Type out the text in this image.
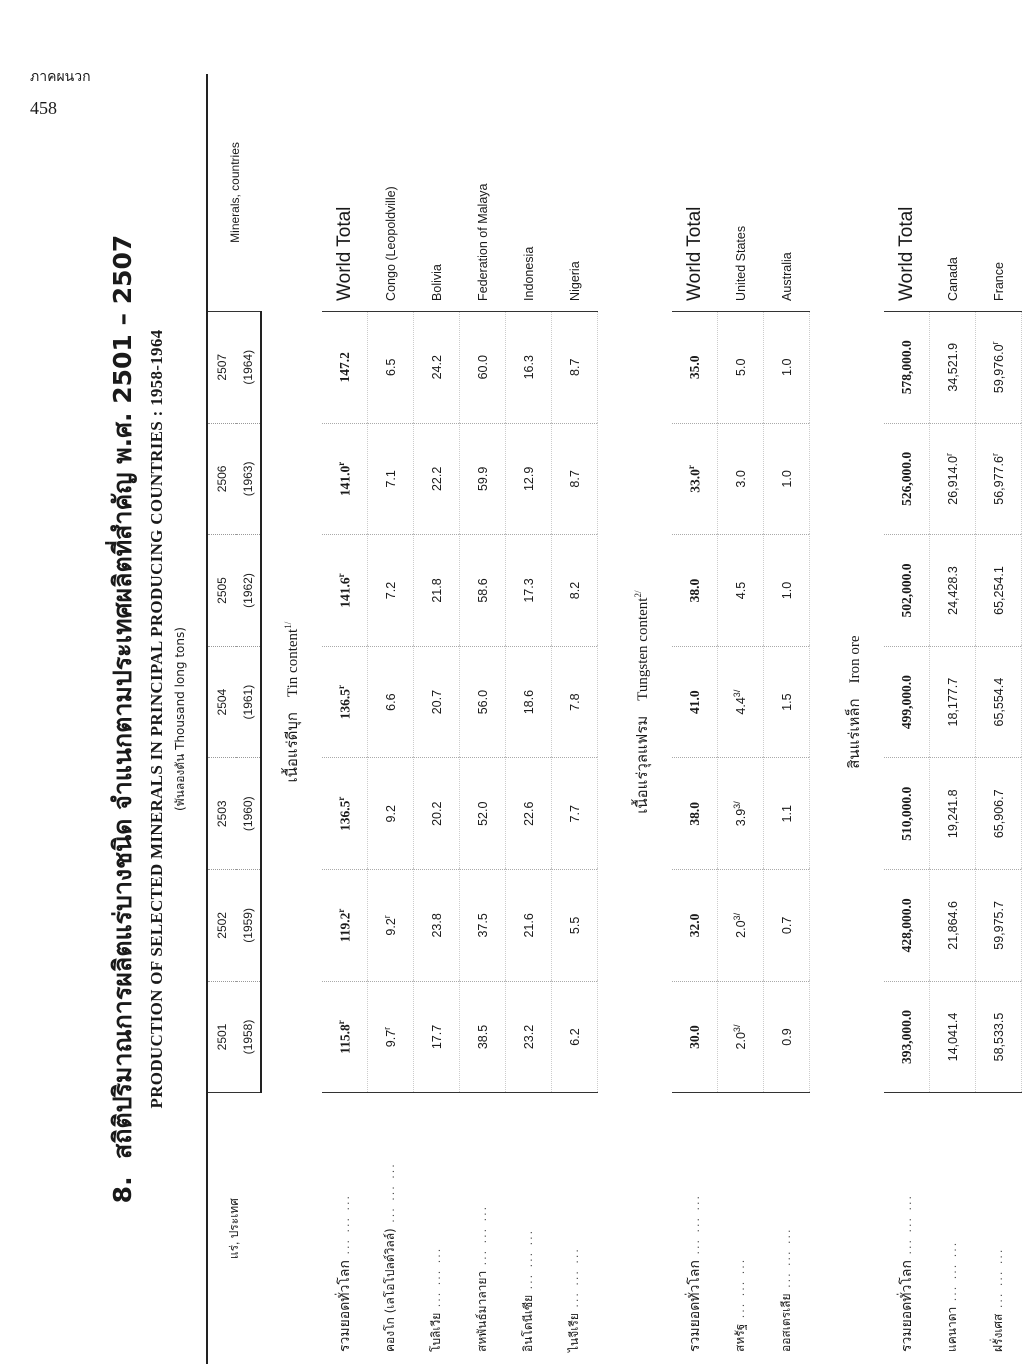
ภาคผนวก
458
8.  สถิติปริมาณการผลิตแร่บางชนิด จำแนกตามประเทศผลิตที่สำคัญ พ.ศ. 2501 – 2507 PRODUCTION OF SELECTED MINERALS IN PRINCIPAL PRODUCING COUNTRIES : 1958-1964 (พันลองตัน Thousand long tons)
แร่, ประเทศ	2501	2502	2503	2504	2505	2506	2507	Minerals, countries
	(1958)	(1959)	(1960)	(1961)	(1962)	(1963)	(1964)	
	เนื้อแร่ดีบุก Tin content$^{1/}$	
รวมยอดทั่วโลก ... ... ...	115.8$^r$	119.2$^r$	136.5$^r$	136.5$^r$	141.6$^r$	141.0$^r$	147.2	World Total
คองโก (เลโอโปลด์วิลล์) ... ... ...	9.7$^r$	9.2$^r$	9.2	6.6	7.2	7.1	6.5	Congo (Leopoldville)
โบลิเวีย ... ... ...	17.7	23.8	20.2	20.7	21.8	22.2	24.2	Bolivia
สหพันธ์มาลายา ... ... ...	38.5	37.5	52.0	56.0	58.6	59.9	60.0	Federation of Malaya
อินโดนีเซีย ... ... ...	23.2	21.6	22.6	18.6	17.3	12.9	16.3	Indonesia
ไนจีเรีย ... ... ...	6.2	5.5	7.7	7.8	8.2	8.7	8.7	Nigeria

	เนื้อแร่วุลแฟรม Tungsten content$^{2/}$	
รวมยอดทั่วโลก ... ... ...	30.0	32.0	38.0	41.0	38.0	33.0$^r$	35.0	World Total
สหรัฐ ... ... ...	2.0$^{3/}$	2.0$^{3/}$	3.9$^{3/}$	4.4$^{3/}$	4.5	3.0	5.0	United States
ออสเตรเลีย ... ... ...	0.9	0.7	1.1	1.5	1.0	1.0	1.0	Australia

	สินแร่เหล็ก Iron ore							
รวมยอดทั่วโลก ... ... ...	393,000.0	428,000.0	510,000.0	499,000.0	502,000.0	526,000.0	578,000.0	World Total
แคนาดา ... ... ...	14,041.4	21,864.6	19,241.8	18,177.7	24,428.3	26,914.0$^r$	34,521.9	Canada
ฝรั่งเศส ... ... ...	58,533.5	59,975.7	65,906.7	65,554.4	65,254.1	56,977.6$^r$	59,976.0$^r$	France
